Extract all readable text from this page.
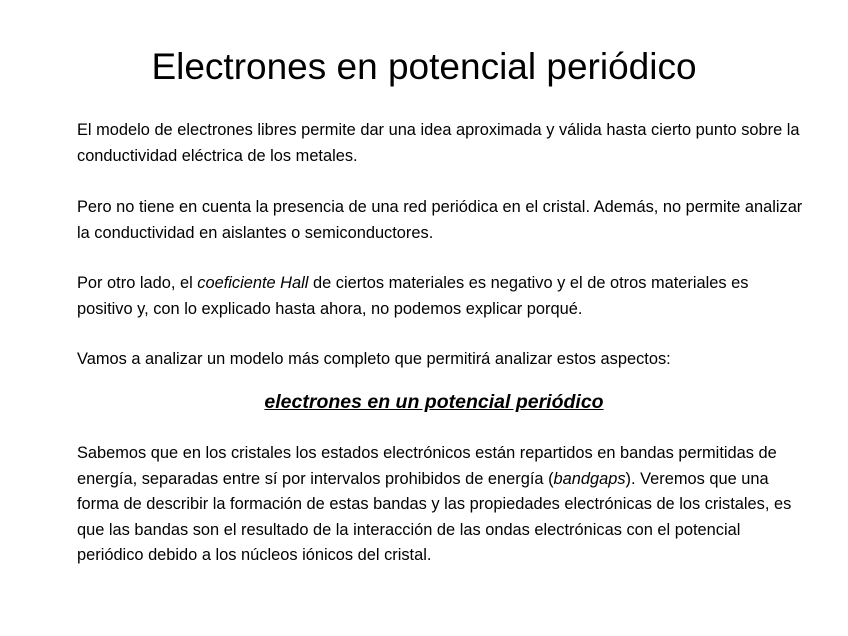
Electrones en potencial periódico

El modelo de electrones libres permite dar una idea aproximada y válida hasta cierto punto sobre la conductividad eléctrica de los metales.

Pero no tiene en cuenta la presencia de una red periódica en el cristal. Además, no permite analizar la conductividad en aislantes o semiconductores.

Por otro lado, el coeficiente Hall de ciertos materiales es negativo y el de otros materiales es positivo y, con lo explicado hasta ahora, no podemos explicar porqué.

Vamos a analizar un modelo más completo que permitirá analizar estos aspectos:

electrones en un potencial periódico

Sabemos que en los cristales los estados electrónicos están repartidos en bandas permitidas de energía, separadas entre sí por intervalos prohibidos de energía (bandgaps). Veremos que una forma de describir la formación de estas bandas y las propiedades electrónicas de los cristales, es que las bandas son el resultado de la interacción de las ondas electrónicas con el potencial periódico debido a los núcleos iónicos del cristal.
